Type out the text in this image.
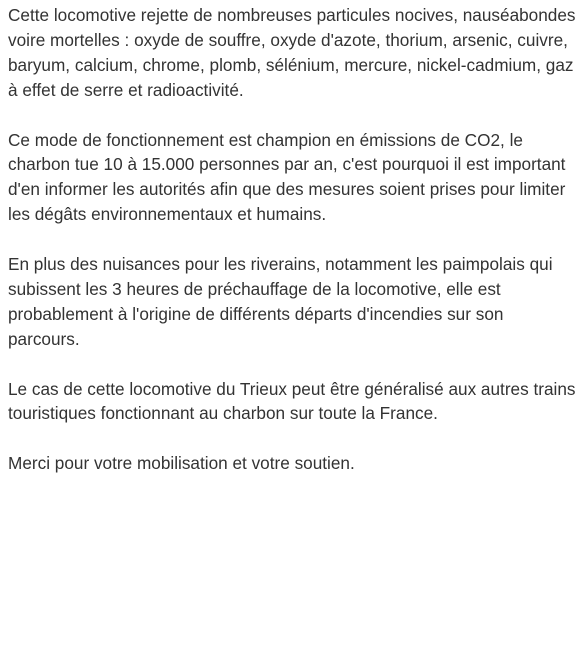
Cette locomotive rejette de nombreuses particules nocives, nauséabondes voire mortelles : oxyde de souffre, oxyde d'azote, thorium, arsenic, cuivre, baryum, calcium, chrome, plomb, sélénium, mercure, nickel-cadmium, gaz à effet de serre et radioactivité.

Ce mode de fonctionnement est champion en émissions de CO2, le charbon tue 10 à 15.000 personnes par an, c'est pourquoi il est important d'en informer les autorités afin que des mesures soient prises pour limiter les dégâts environnementaux et humains.

En plus des nuisances pour les riverains, notamment les paimpolais qui subissent les 3 heures de préchauffage de la locomotive, elle est probablement à l'origine de différents départs d'incendies sur son parcours.

Le cas de cette locomotive du Trieux peut être généralisé aux autres trains touristiques fonctionnant au charbon sur toute la France.

Merci pour votre mobilisation et votre soutien.
